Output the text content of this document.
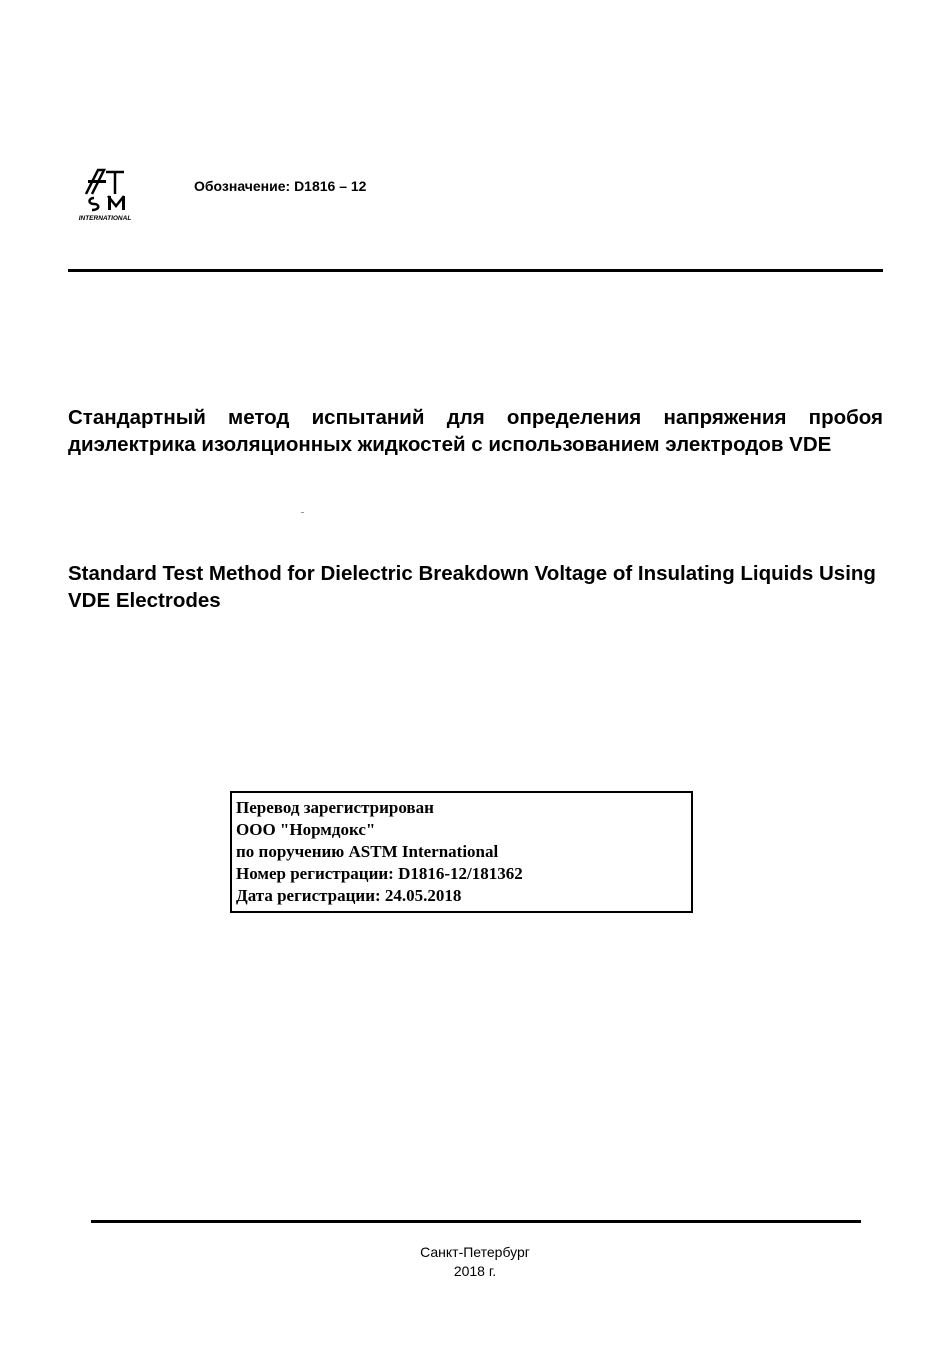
INTERNATIONAL
Обозначение: D1816 – 12

Стандартный метод испытаний для определения напряжения пробоя диэлектрика изоляционных жидкостей с использованием электродов VDE

Standard Test Method for Dielectric Breakdown Voltage of Insulating Liquids Using VDE Electrodes

Перевод зарегистрирован
ООО "Нормдокс"
по поручению ASTM International
Номер регистрации: D1816-12/181362
Дата регистрации: 24.05.2018
Санкт-Петербург
2018 г.
